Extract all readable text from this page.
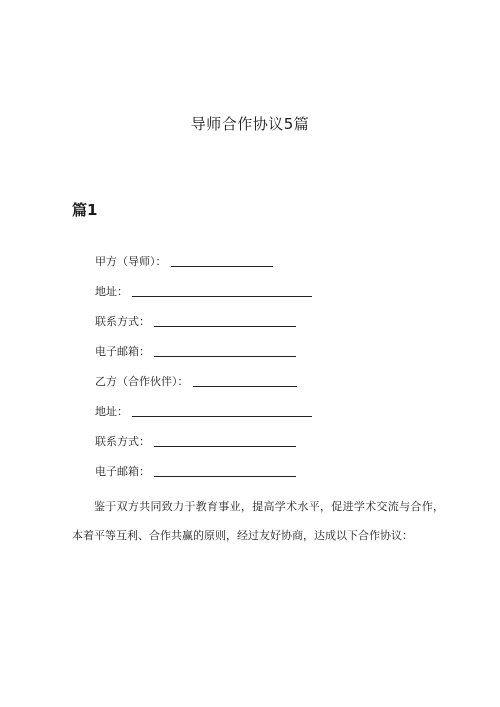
导师合作协议5篇
篇1
甲方（导师）：
地址：
联系方式：
电子邮箱：
乙方（合作伙伴）：
地址：
联系方式：
电子邮箱：

鉴于双方共同致力于教育事业，提高学术水平，促进学术交流与合作，本着平等互利、合作共赢的原则，经过友好协商，达成以下合作协议：
